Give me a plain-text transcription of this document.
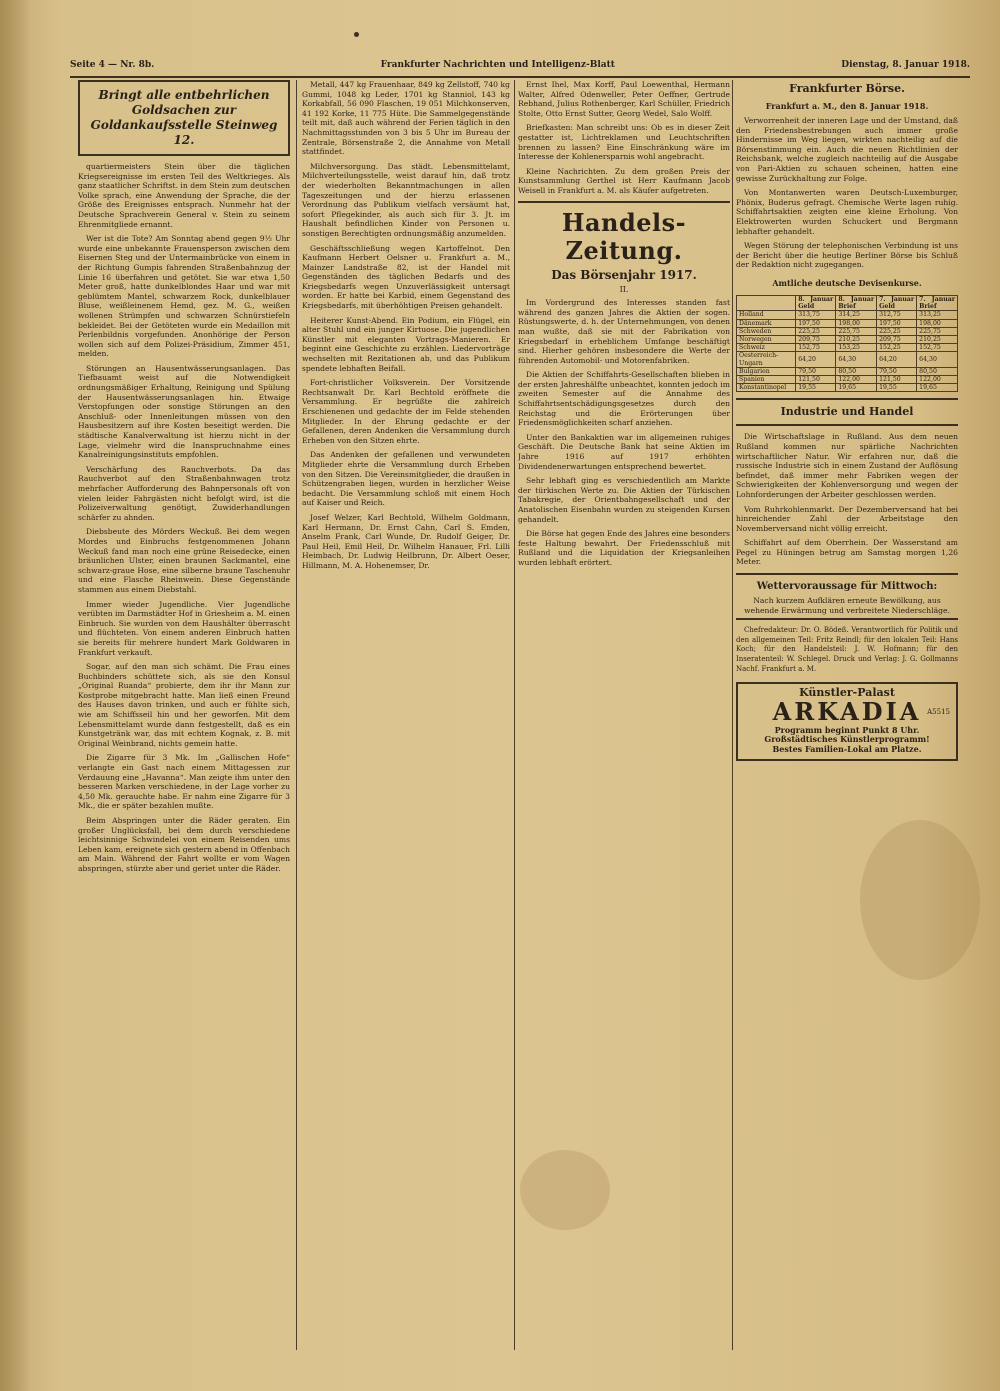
Seite 4 — Nr. 8b.	Frankfurter Nachrichten und Intelligenz-Blatt	Dienstag, 8. Januar 1918.
Bringt alle entbehrlichen Goldsachen zur Goldankaufsstelle Steinweg 12.

quartiermeisters Stein über die täglichen Kriegsereignisse im ersten Teil des Weltkrieges. Als ganz staatlicher Schriftst. in dem Stein zum deutschen Volke sprach, eine Anwendung der Sprache, die der Größe des Ereignisses entsprach. Nunmehr hat der Deutsche Sprachverein General v. Stein zu seinem Ehrenmitgliede ernannt.

Wer ist die Tote? Am Sonntag abend gegen 9½ Uhr wurde eine unbekannte Frauensperson zwischen dem Eisernen Steg und der Untermainbrücke von einem in der Richtung Gumpis fahrenden Straßenbahnzug der Linie 16 überfahren und getötet. Sie war etwa 1,50 Meter groß, hatte dunkelblondes Haar und war mit geblümtem Mantel, schwarzem Rock, dunkelblauer Bluse, weißleinenem Hemd, gez. M. G., weißen wollenen Strümpfen und schwarzen Schnürstiefeln bekleidet. Bei der Getöteten wurde ein Medaillon mit Perlenbildnis vorgefunden. Anonhörige der Person wollen sich auf dem Polizei-Präsidium, Zimmer 451, melden.

Störungen an Hausentwässerungsanlagen. Das Tiefbauamt weist auf die Notwendigkeit ordnungsmäßiger Erhaltung, Reinigung und Spülung der Hausentwässerungsanlagen hin. Etwaige Verstopfungen oder sonstige Störungen an den Anschluß- oder Innenleitungen müssen von den Hausbesitzern auf ihre Kosten beseitigt werden. Die städtische Kanalverwaltung ist hierzu nicht in der Lage, vielmehr wird die Inanspruchnahme eines Kanalreinigungsinstituts empfohlen.

Verschärfung des Rauchverbots. Da das Rauchverbot auf den Straßenbahnwagen trotz mehrfacher Aufforderung des Bahnpersonals oft von vielen leider Fahrgästen nicht befolgt wird, ist die Polizeiverwaltung genötigt, Zuwiderhandlungen schärfer zu ahnden.

Diebsbeute des Mörders Weckuß. Bei dem wegen Mordes und Einbruchs festgenommenen Johann Weckuß fand man noch eine grüne Reisedecke, einen bräunlichen Ulster, einen braunen Sackmantel, eine schwarz-graue Hose, eine silberne braune Taschenuhr und eine Flasche Rheinwein. Diese Gegenstände stammen aus einem Diebstahl.

Immer wieder Jugendliche. Vier Jugendliche verübten im Darmstädter Hof in Griesheim a. M. einen Einbruch. Sie wurden von dem Haushälter überrascht und flüchteten. Von einem anderen Einbruch hatten sie bereits für mehrere hundert Mark Goldwaren in Frankfurt verkauft.

Sogar, auf den man sich schämt. Die Frau eines Buchbinders schüttete sich, als sie den Konsul „Original Ruanda“ probierte, dem ihr ihr Mann zur Kostprobe mitgebracht hatte. Man ließ einen Freund des Hauses davon trinken, und auch er fühlte sich, wie am Schiffsseil hin und her geworfen. Mit dem Lebensmittelamt wurde dann festgestellt, daß es ein Kunstgetränk war, das mit echtem Kognak, z. B. mit Original Weinbrand, nichts gemein hatte.

Die Zigarre für 3 Mk. Im „Gallischen Hofe“ verlangte ein Gast nach einem Mittagessen zur Verdauung eine „Havanna“. Man zeigte ihm unter den besseren Marken verschiedene, in der Lage vorher zu 4,50 Mk. gerauchte habe. Er nahm eine Zigarre für 3 Mk., die er später bezahlen mußte.

Beim Abspringen unter die Räder geraten. Ein großer Unglücksfall, bei dem durch verschiedene leichtsinnige Schwindelei von einem Reisenden ums Leben kam, ereignete sich gestern abend in Offenbach am Main. Während der Fahrt wollte er vom Wagen abspringen, stürzte aber und geriet unter die Räder.

Metall, 447 kg Frauenhaar, 849 kg Zellstoff, 740 kg Gummi, 1048 kg Leder, 1701 kg Stanniol, 143 kg Korkabfall, 56 090 Flaschen, 19 051 Milchkonserven, 41 192 Korke, 11 775 Hüte. Die Sammelgegenstände teilt mit, daß auch während der Ferien täglich in den Nachmittagsstunden von 3 bis 5 Uhr im Bureau der Zentrale, Börsenstraße 2, die Annahme von Metall stattfindet.

Milchversorgung. Das städt. Lebensmittelamt, Milchverteilungsstelle, weist darauf hin, daß trotz der wiederholten Bekanntmachungen in allen Tageszeitungen und der hierzu erlassenen Verordnung das Publikum vielfach versäumt hat, sofort Pflegekinder, als auch sich für 3. Jt. im Haushalt befindlichen Kinder von Personen u. sonstigen Berechtigten ordnungsmäßig anzumelden.

Geschäftsschließung wegen Kartoffelnot. Den Kaufmann Herbert Oelsner u. Frankfurt a. M., Mainzer Landstraße 82, ist der Handel mit Gegenständen des täglichen Bedarfs und des Kriegsbedarfs wegen Unzuverlässigkeit untersagt worden. Er hatte bei Karbid, einem Gegenstand des Kriegsbedarfs, mit überhöhtigen Preisen gehandelt.

Heiterer Kunst-Abend. Ein Podium, ein Flügel, ein alter Stuhl und ein junger Kirtuose. Die jugendlichen Künstler mit eleganten Vortrags-Manieren. Er beginnt eine Geschichte zu erzählen. Liedervorträge wechselten mit Rezitationen ab, und das Publikum spendete lebhaften Beifall.

Fort-christlicher Volksverein. Der Vorsitzende Rechtsanwalt Dr. Karl Bechtold eröffnete die Versammlung. Er begrüßte die zahlreich Erschienenen und gedachte der im Felde stehenden Mitglieder. In der Ehrung gedachte er der Gefallenen, deren Andenken die Versammlung durch Erheben von den Sitzen ehrte.

Das Andenken der gefallenen und verwundeten Mitglieder ehrte die Versammlung durch Erheben von den Sitzen. Die Vereinsmitglieder, die draußen in Schützengraben liegen, wurden in herzlicher Weise bedacht. Die Versammlung schloß mit einem Hoch auf Kaiser und Reich.

Josef Welzer, Karl Bechtold, Wilhelm Goldmann, Karl Hermann, Dr. Ernst Cahn, Carl S. Emden, Anselm Frank, Carl Wunde, Dr. Rudolf Geiger, Dr. Paul Heil, Emil Heil, Dr. Wilhelm Hanauer, Frl. Lilli Heimbach, Dr. Ludwig Heilbrunn, Dr. Albert Oeser, Hillmann, M. A. Hohenemser, Dr.

Ernst Ihel, Max Korff, Paul Loewenthal, Hermann Walter, Alfred Odenweller, Peter Oeffner, Gertrude Rebhand, Julius Rothenberger, Karl Schüller, Friedrich Stolte, Otto Ernst Sutter, Georg Wedel, Salo Wolff.

Briefkasten: Man schreibt uns: Ob es in dieser Zeit gestatter ist, Lichtreklamen und Leuchtschriften brennen zu lassen? Eine Einschränkung wäre im Interesse der Kohlenersparnis wohl angebracht.

Kleine Nachrichten. Zu dem großen Preis der Kunstsammlung Gerthel ist Herr Kaufmann Jacob Weisell in Frankfurt a. M. als Käufer aufgetreten.

Handels-Zeitung.
Das Börsenjahr 1917.
II.

Im Vordergrund des Interesses standen fast während des ganzen Jahres die Aktien der sogen. Rüstungswerte, d. h. der Unternehmungen, von denen man wußte, daß sie mit der Fabrikation von Kriegsbedarf in erheblichem Umfange beschäftigt sind. Hierher gehören insbesondere die Werte der führenden Automobil- und Motorenfabriken.

Die Aktien der Schiffahrts-Gesellschaften blieben in der ersten Jahreshälfte unbeachtet, konnten jedoch im zweiten Semester auf die Annahme des Schiffahrtsentschädigungsgesetzes durch den Reichstag und die Erörterungen über Friedensmöglichkeiten scharf anziehen.

Unter den Bankaktien war im allgemeinen ruhiges Geschäft. Die Deutsche Bank hat seine Aktien im Jahre 1916 auf 1917 erhöhten Dividendenerwartungen entsprechend bewertet.

Sehr lebhaft ging es verschiedentlich am Markte der türkischen Werte zu. Die Aktien der Türkischen Tabakregie, der Orientbahngesellschaft und der Anatolischen Eisenbahn wurden zu steigenden Kursen gehandelt.

Die Börse hat gegen Ende des Jahres eine besonders feste Haltung bewahrt. Der Friedensschluß mit Rußland und die Liquidation der Kriegsanleihen wurden lebhaft erörtert.

Frankfurter Börse.
Frankfurt a. M., den 8. Januar 1918.

Verworrenheit der inneren Lage und der Umstand, daß den Friedensbestrebungen auch immer große Hindernisse im Weg liegen, wirkten nachteilig auf die Börsenstimmung ein. Auch die neuen Richtlinien der Reichsbank, welche zugleich nachteilig auf die Ausgabe von Pari-Aktien zu schauen scheinen, hatten eine gewisse Zurückhaltung zur Folge.

Von Montanwerten waren Deutsch-Luxemburger, Phönix, Buderus gefragt. Chemische Werte lagen ruhig. Schiffahrtsaktien zeigten eine kleine Erholung. Von Elektrowerten wurden Schuckert und Bergmann lebhafter gehandelt.

Wegen Störung der telephonischen Verbindung ist uns der Bericht über die heutige Berliner Börse bis Schluß der Redaktion nicht zugegangen.

Amtliche deutsche Devisenkurse.
	8. Januar Geld	8. Januar Brief	7. Januar Geld	7. Januar Brief
Holland	313,75	314,25	312,75	313,25
Dänemark	197,50	198,00	197,50	198,00
Schweden	225,25	225,75	225,25	225,75
Norwegen	209,75	210,25	209,75	210,25
Schweiz	152,75	153,25	152,25	152,75
Oesterreich-Ungarn	64,20	64,30	64,20	64,30
Bulgarien	79,50	80,50	79,50	80,50
Spanien	121,50	122,00	121,50	122,00
Konstantinopel	19,55	19,65	19,55	19,65
Industrie und Handel

Die Wirtschaftslage in Rußland. Aus dem neuen Rußland kommen nur spärliche Nachrichten wirtschaftlicher Natur. Wir erfahren nur, daß die russische Industrie sich in einem Zustand der Auflösung befindet, daß immer mehr Fabriken wegen der Schwierigkeiten der Kohlenversorgung und wegen der Lohnforderungen der Arbeiter geschlossen werden.

Vom Ruhrkohlenmarkt. Der Dezemberversand hat bei hinreichender Zahl der Arbeitstage den Novemberversand nicht völlig erreicht.

Schiffahrt auf dem Oberrhein. Der Wasserstand am Pegel zu Hüningen betrug am Samstag morgen 1,26 Meter.

Wettervoraussage für Mittwoch:
Nach kurzem Aufklären erneute Bewölkung, aus wehende Erwärmung und verbreitete Niederschläge.

Chefredakteur: Dr. O. Bödeß. Verantwortlich für Politik und den allgemeinen Teil: Fritz Reindl; für den lokalen Teil: Hans Koch; für den Handelsteil: J. W. Hofmann; für den Inseratenteil: W. Schlegel. Druck und Verlag: J. G. Gollmanns Nachf. Frankfurt a. M.

Künstler-Palast
ARKADIA A5515
Programm beginnt Punkt 8 Uhr.
Großstädtisches Künstlerprogramm!
Bestes Familien-Lokal am Platze.
